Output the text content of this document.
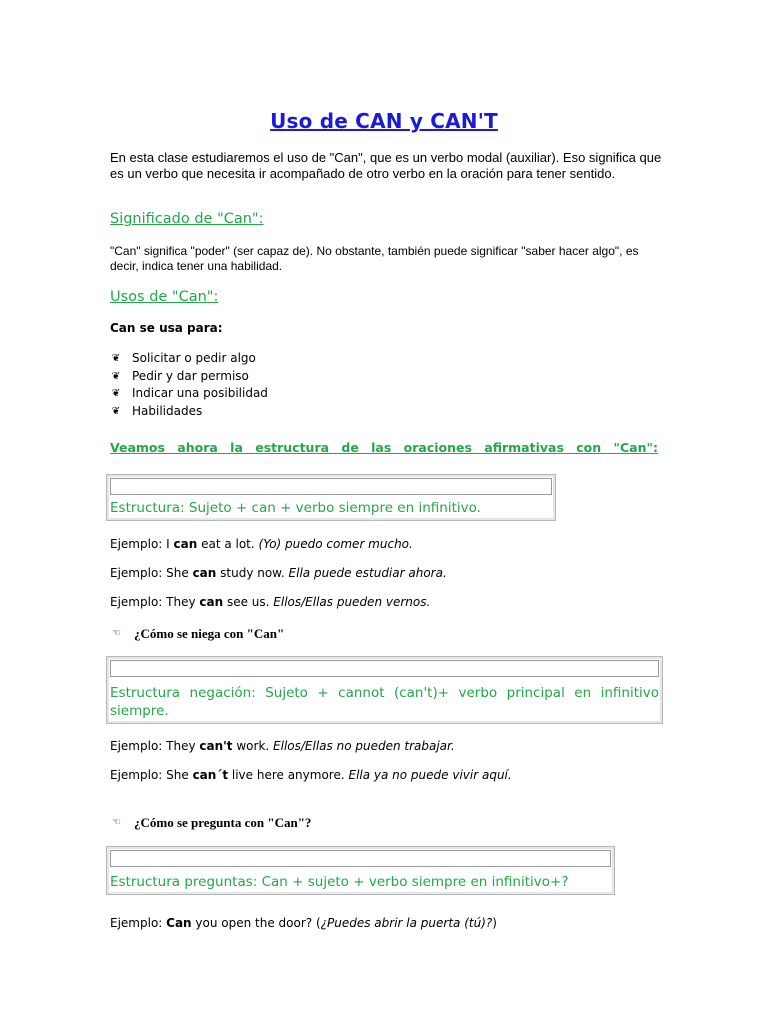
Uso de CAN y CAN'T
En esta clase estudiaremos el uso de "Can", que es un verbo modal (auxiliar). Eso significa que es un verbo que necesita ir acompañado de otro verbo en la oración para tener sentido.
Significado de "Can":
"Can" significa "poder" (ser capaz de). No obstante, también puede significar "saber hacer algo", es decir, indica tener una habilidad.
Usos de "Can":
Can se usa para:
❦ Solicitar o pedir algo
❦ Pedir y dar permiso
❦ Indicar una posibilidad
❦ Habilidades
Veamos ahora la estructura de las oraciones afirmativas con "Can":
Estructura: Sujeto + can + verbo siempre en infinitivo.
Ejemplo: I can eat a lot. (Yo) puedo comer mucho.
Ejemplo: She can study now. Ella puede estudiar ahora.
Ejemplo: They can see us. Ellos/Ellas pueden vernos.
☜ ¿Cómo se niega con "Can"
Estructura negación: Sujeto + cannot (can't)+ verbo principal en infinitivo siempre.
Ejemplo: They can't work. Ellos/Ellas no pueden trabajar.
Ejemplo: She can´t live here anymore. Ella ya no puede vivir aquí.
☜ ¿Cómo se pregunta con "Can"?
Estructura preguntas: Can + sujeto + verbo siempre en infinitivo+?
Ejemplo: Can you open the door? (¿Puedes abrir la puerta (tú)?)
